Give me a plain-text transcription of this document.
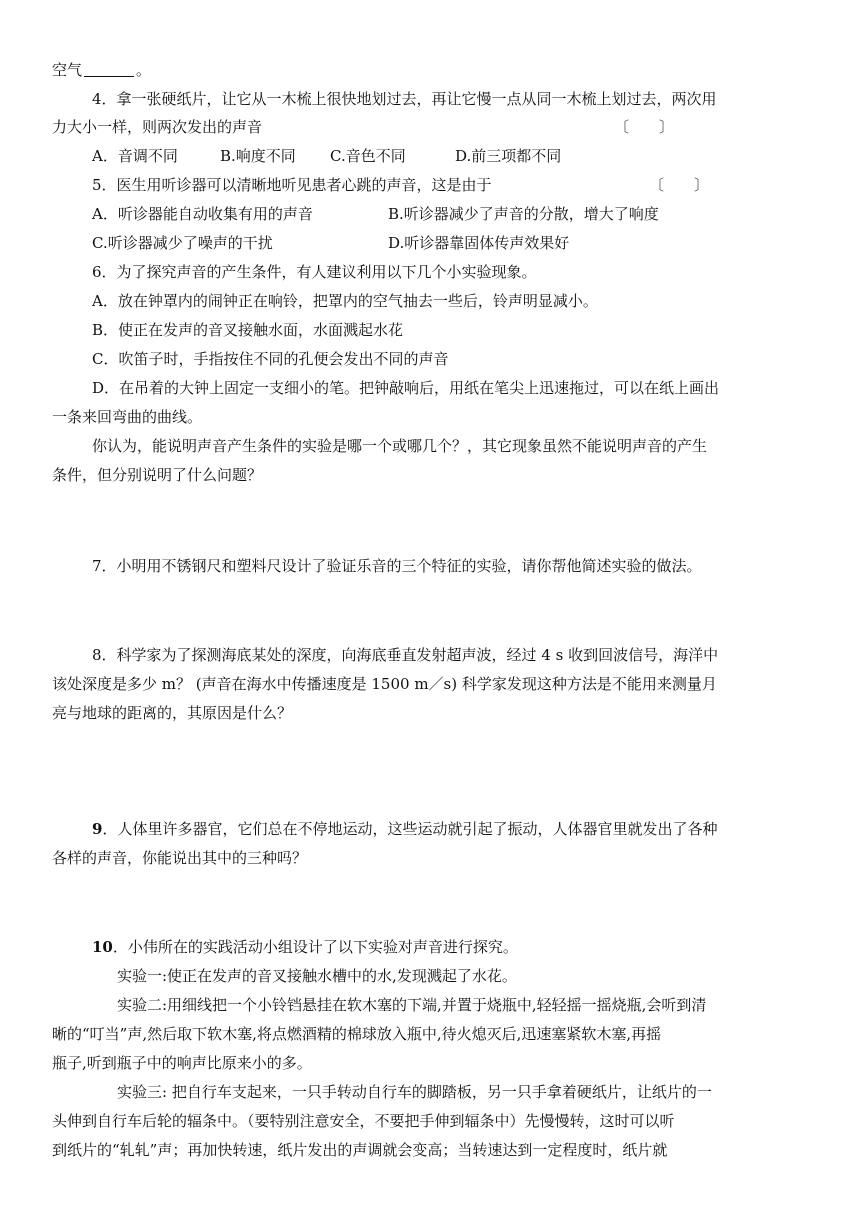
空气	。
4．拿一张硬纸片，让它从一木梳上很快地划过去，再让它慢一点从同一木梳上划过去，两次用
力大小一样，则两次发出的声音	〔　　〕
A．音调不同	B.响度不同 C.音色不同	D.前三项都不同
5．医生用听诊器可以清晰地听见患者心跳的声音，这是由于	〔　　〕
A．听诊器能自动收集有用的声音	B.听诊器减少了声音的分散，增大了响度
C.听诊器减少了噪声的干扰	D.听诊器靠固体传声效果好
6．为了探究声音的产生条件，有人建议利用以下几个小实验现象。
A．放在钟罩内的闹钟正在响铃，把罩内的空气抽去一些后，铃声明显减小。
B．使正在发声的音叉接触水面，水面溅起水花
C．吹笛子时，手指按住不同的孔便会发出不同的声音
D．在吊着的大钟上固定一支细小的笔。把钟敲响后，用纸在笔尖上迅速拖过，可以在纸上画出
一条来回弯曲的曲线。
你认为，能说明声音产生条件的实验是哪一个或哪几个？，其它现象虽然不能说明声音的产生
条件，但分别说明了什么问题？
7．小明用不锈钢尺和塑料尺设计了验证乐音的三个特征的实验，请你帮他简述实验的做法。
8．科学家为了探测海底某处的深度，向海底垂直发射超声波，经过 4 s 收到回波信号，海洋中
该处深度是多少 m？ (声音在海水中传播速度是 1500 m／s) 科学家发现这种方法是不能用来测量月
亮与地球的距离的，其原因是什么？
9．人体里许多器官，它们总在不停地运动，这些运动就引起了振动，人体器官里就发出了各种
各样的声音，你能说出其中的三种吗？
10．小伟所在的实践活动小组设计了以下实验对声音进行探究。
实验一:使正在发声的音叉接触水槽中的水,发现溅起了水花。
实验二:用细线把一个小铃铛悬挂在软木塞的下端,并置于烧瓶中,轻轻摇一摇烧瓶,会听到清
晰的“叮当”声,然后取下软木塞,将点燃酒精的棉球放入瓶中,待火熄灭后,迅速塞紧软木塞,再摇
瓶子,听到瓶子中的响声比原来小的多。
实验三: 把自行车支起来，一只手转动自行车的脚踏板，另一只手拿着硬纸片，让纸片的一
头伸到自行车后轮的辐条中。（要特别注意安全，不要把手伸到辐条中）先慢慢转，这时可以听
到纸片的“轧轧”声；再加快转速，纸片发出的声调就会变高；当转速达到一定程度时，纸片就
